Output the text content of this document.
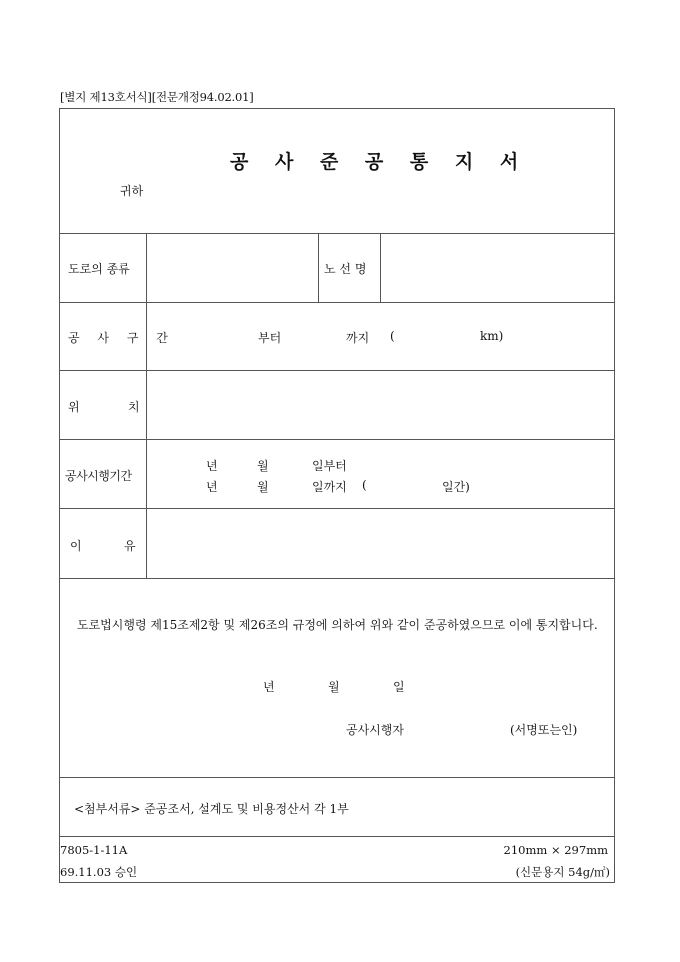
[별지 제13호서식][전문개정94.02.01]
공 사 준 공 통 지 서
귀하
도로의 종류	노 선 명
공 사 구 간	부터	까지 (	km)
위	치
공사시행기간
년	월	일부터
년	월	일까지 (	일간)
이	유
도로법시행령 제15조제2항 및 제26조의 규정에 의하여 위와 같이 준공하였으므로 이에 통지합니다.
년	월	일
공사시행자	(서명또는인)
<첨부서류> 준공조서, 설계도 및 비용정산서 각 1부
7805-1-11A
69.11.03 승인
210mm × 297mm
(신문용지 54g/㎡)
